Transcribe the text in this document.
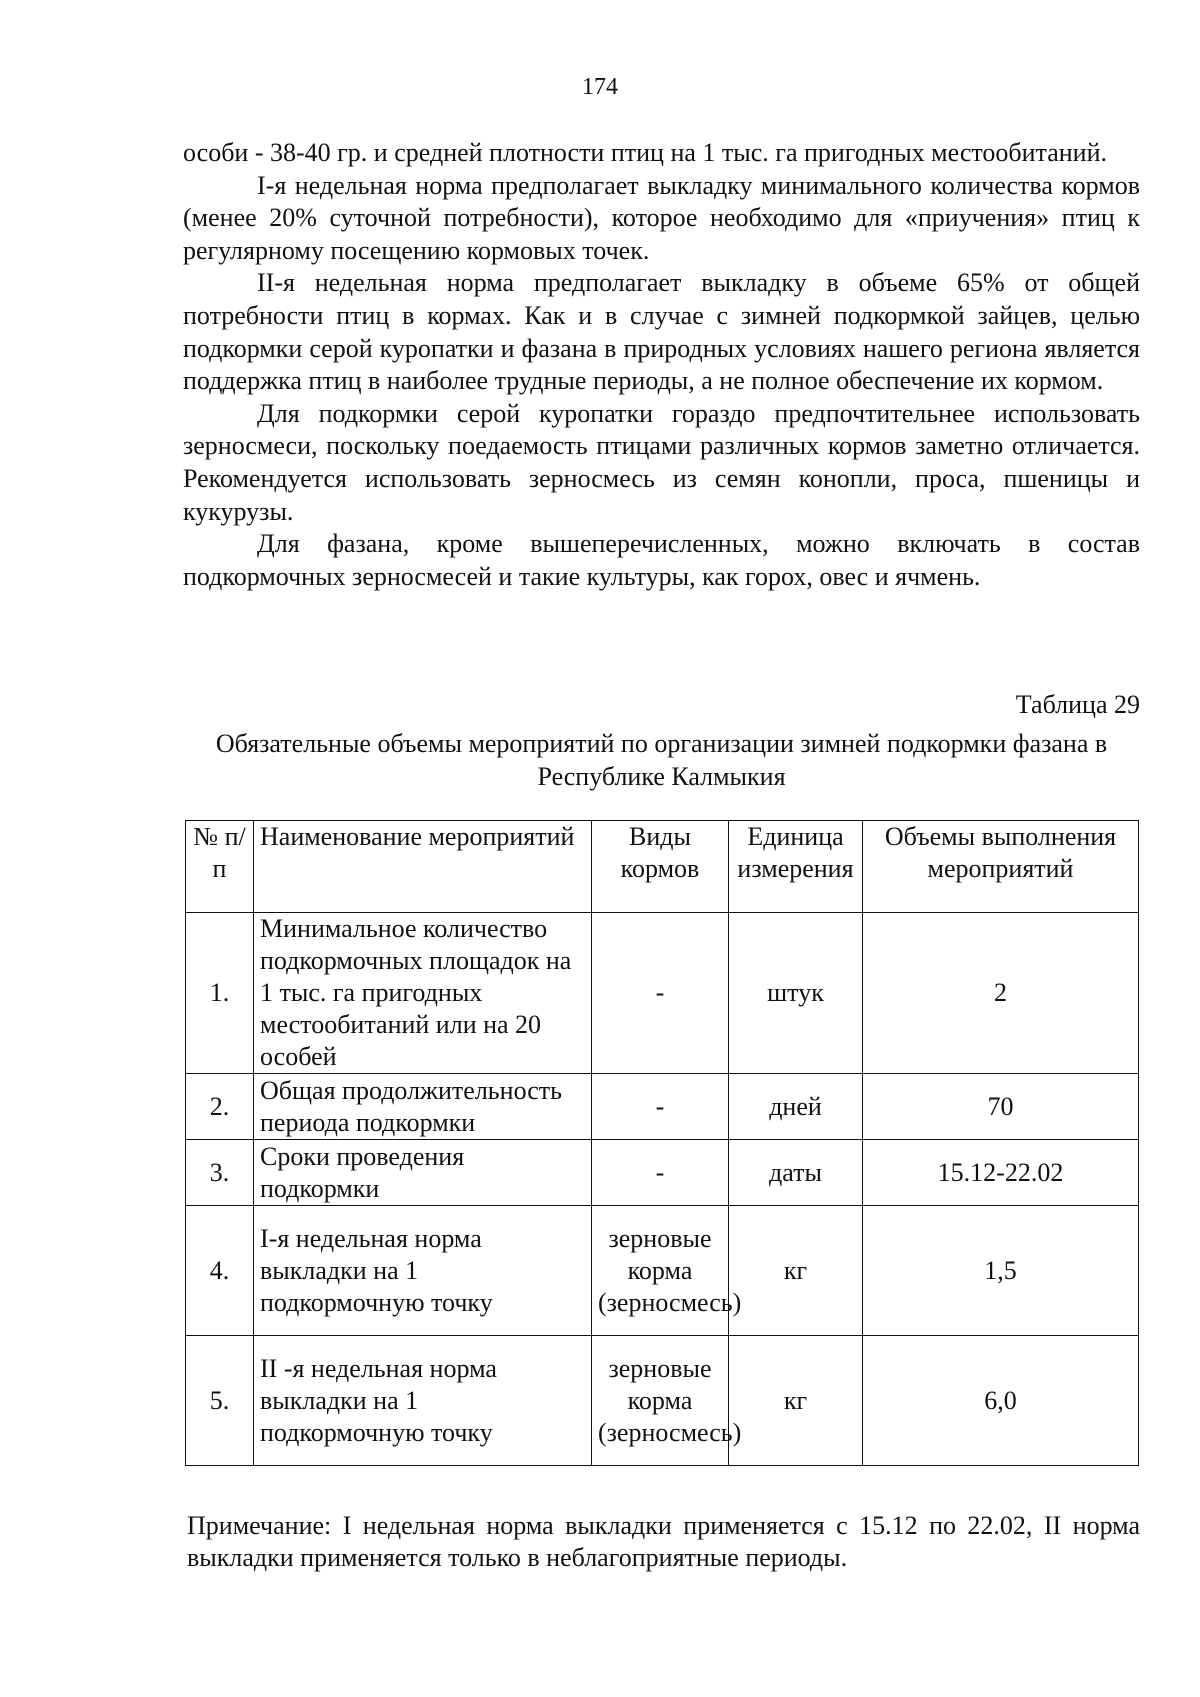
174

особи - 38-40 гр. и средней плотности птиц на 1 тыс. га пригодных местообитаний.

I-я недельная норма предполагает выкладку минимального количества кормов (менее 20% суточной потребности), которое необходимо для «приучения» птиц к регулярному посещению кормовых точек.

II-я недельная норма предполагает выкладку в объеме 65% от общей потребности птиц в кормах. Как и в случае с зимней подкормкой зайцев, целью подкормки серой куропатки и фазана в природных условиях нашего региона является поддержка птиц в наиболее трудные периоды, а не полное обеспечение их кормом.

Для подкормки серой куропатки гораздо предпочтительнее использовать зерносмеси, поскольку поедаемость птицами различных кормов заметно отличается. Рекомендуется использовать зерносмесь из семян конопли, проса, пшеницы и кукурузы.

Для фазана, кроме вышеперечисленных, можно включать в состав подкормочных зерносмесей и такие культуры, как горох, овес и ячмень.

Таблица 29
Обязательные объемы мероприятий по организации зимней подкормки фазана в Республике Калмыкия
№ п/п	Наименование мероприятий	Виды кормов	Единица измерения	Объемы выполнения мероприятий
1.	Минимальное количество подкормочных площадок на 1 тыс. га пригодных местообитаний или на 20 особей	-	штук	2
2.	Общая продолжительность периода подкормки	-	дней	70
3.	Сроки проведения подкормки	-	даты	15.12-22.02
4.	I-я недельная норма выкладки на 1 подкормочную точку	зерновые корма (зерносмесь)	кг	1,5
5.	II -я недельная норма выкладки на 1 подкормочную точку	зерновые корма (зерносмесь)	кг	6,0
Примечание: I недельная норма выкладки применяется с 15.12 по 22.02, II норма выкладки применяется только в неблагоприятные периоды.
